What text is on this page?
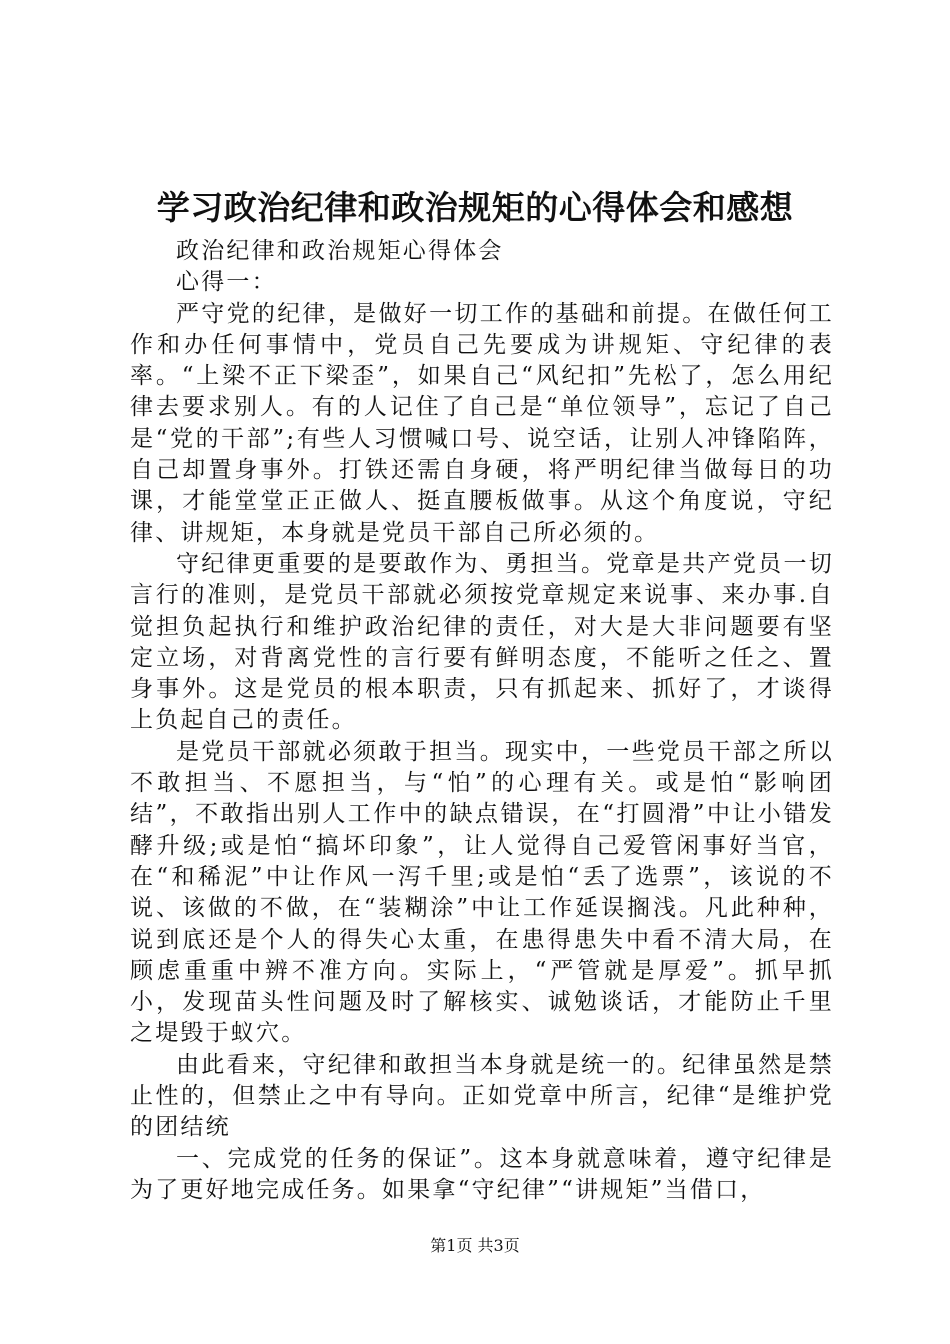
学习政治纪律和政治规矩的心得体会和感想

政治纪律和政治规矩心得体会

心得一：

严守党的纪律，是做好一切工作的基础和前提。在做任何工作和办任何事情中，党员自己先要成为讲规矩、守纪律的表率。“上梁不正下梁歪”，如果自己“风纪扣”先松了，怎么用纪律去要求别人。有的人记住了自己是“单位领导”，忘记了自己是“党的干部”;有些人习惯喊口号、说空话，让别人冲锋陷阵，自己却置身事外。打铁还需自身硬，将严明纪律当做每日的功课，才能堂堂正正做人、挺直腰板做事。从这个角度说，守纪律、讲规矩，本身就是党员干部自己所必须的。

守纪律更重要的是要敢作为、勇担当。党章是共产党员一切言行的准则，是党员干部就必须按党章规定来说事、来办事.自觉担负起执行和维护政治纪律的责任，对大是大非问题要有坚定立场，对背离党性的言行要有鲜明态度，不能听之任之、置身事外。这是党员的根本职责，只有抓起来、抓好了，才谈得上负起自己的责任。

是党员干部就必须敢于担当。现实中，一些党员干部之所以不敢担当、不愿担当，与“怕”的心理有关。或是怕“影响团结”，不敢指出别人工作中的缺点错误，在“打圆滑”中让小错发酵升级;或是怕“搞坏印象”，让人觉得自己爱管闲事好当官，在“和稀泥”中让作风一泻千里;或是怕“丢了选票”，该说的不说、该做的不做，在“装糊涂”中让工作延误搁浅。凡此种种，说到底还是个人的得失心太重，在患得患失中看不清大局，在顾虑重重中辨不准方向。实际上，“严管就是厚爱”。抓早抓小，发现苗头性问题及时了解核实、诚勉谈话，才能防止千里之堤毁于蚁穴。

由此看来，守纪律和敢担当本身就是统一的。纪律虽然是禁止性的，但禁止之中有导向。正如党章中所言，纪律“是维护党的团结统

一、完成党的任务的保证”。这本身就意味着，遵守纪律是为了更好地完成任务。如果拿“守纪律”“讲规矩”当借口，

第1页 共3页
